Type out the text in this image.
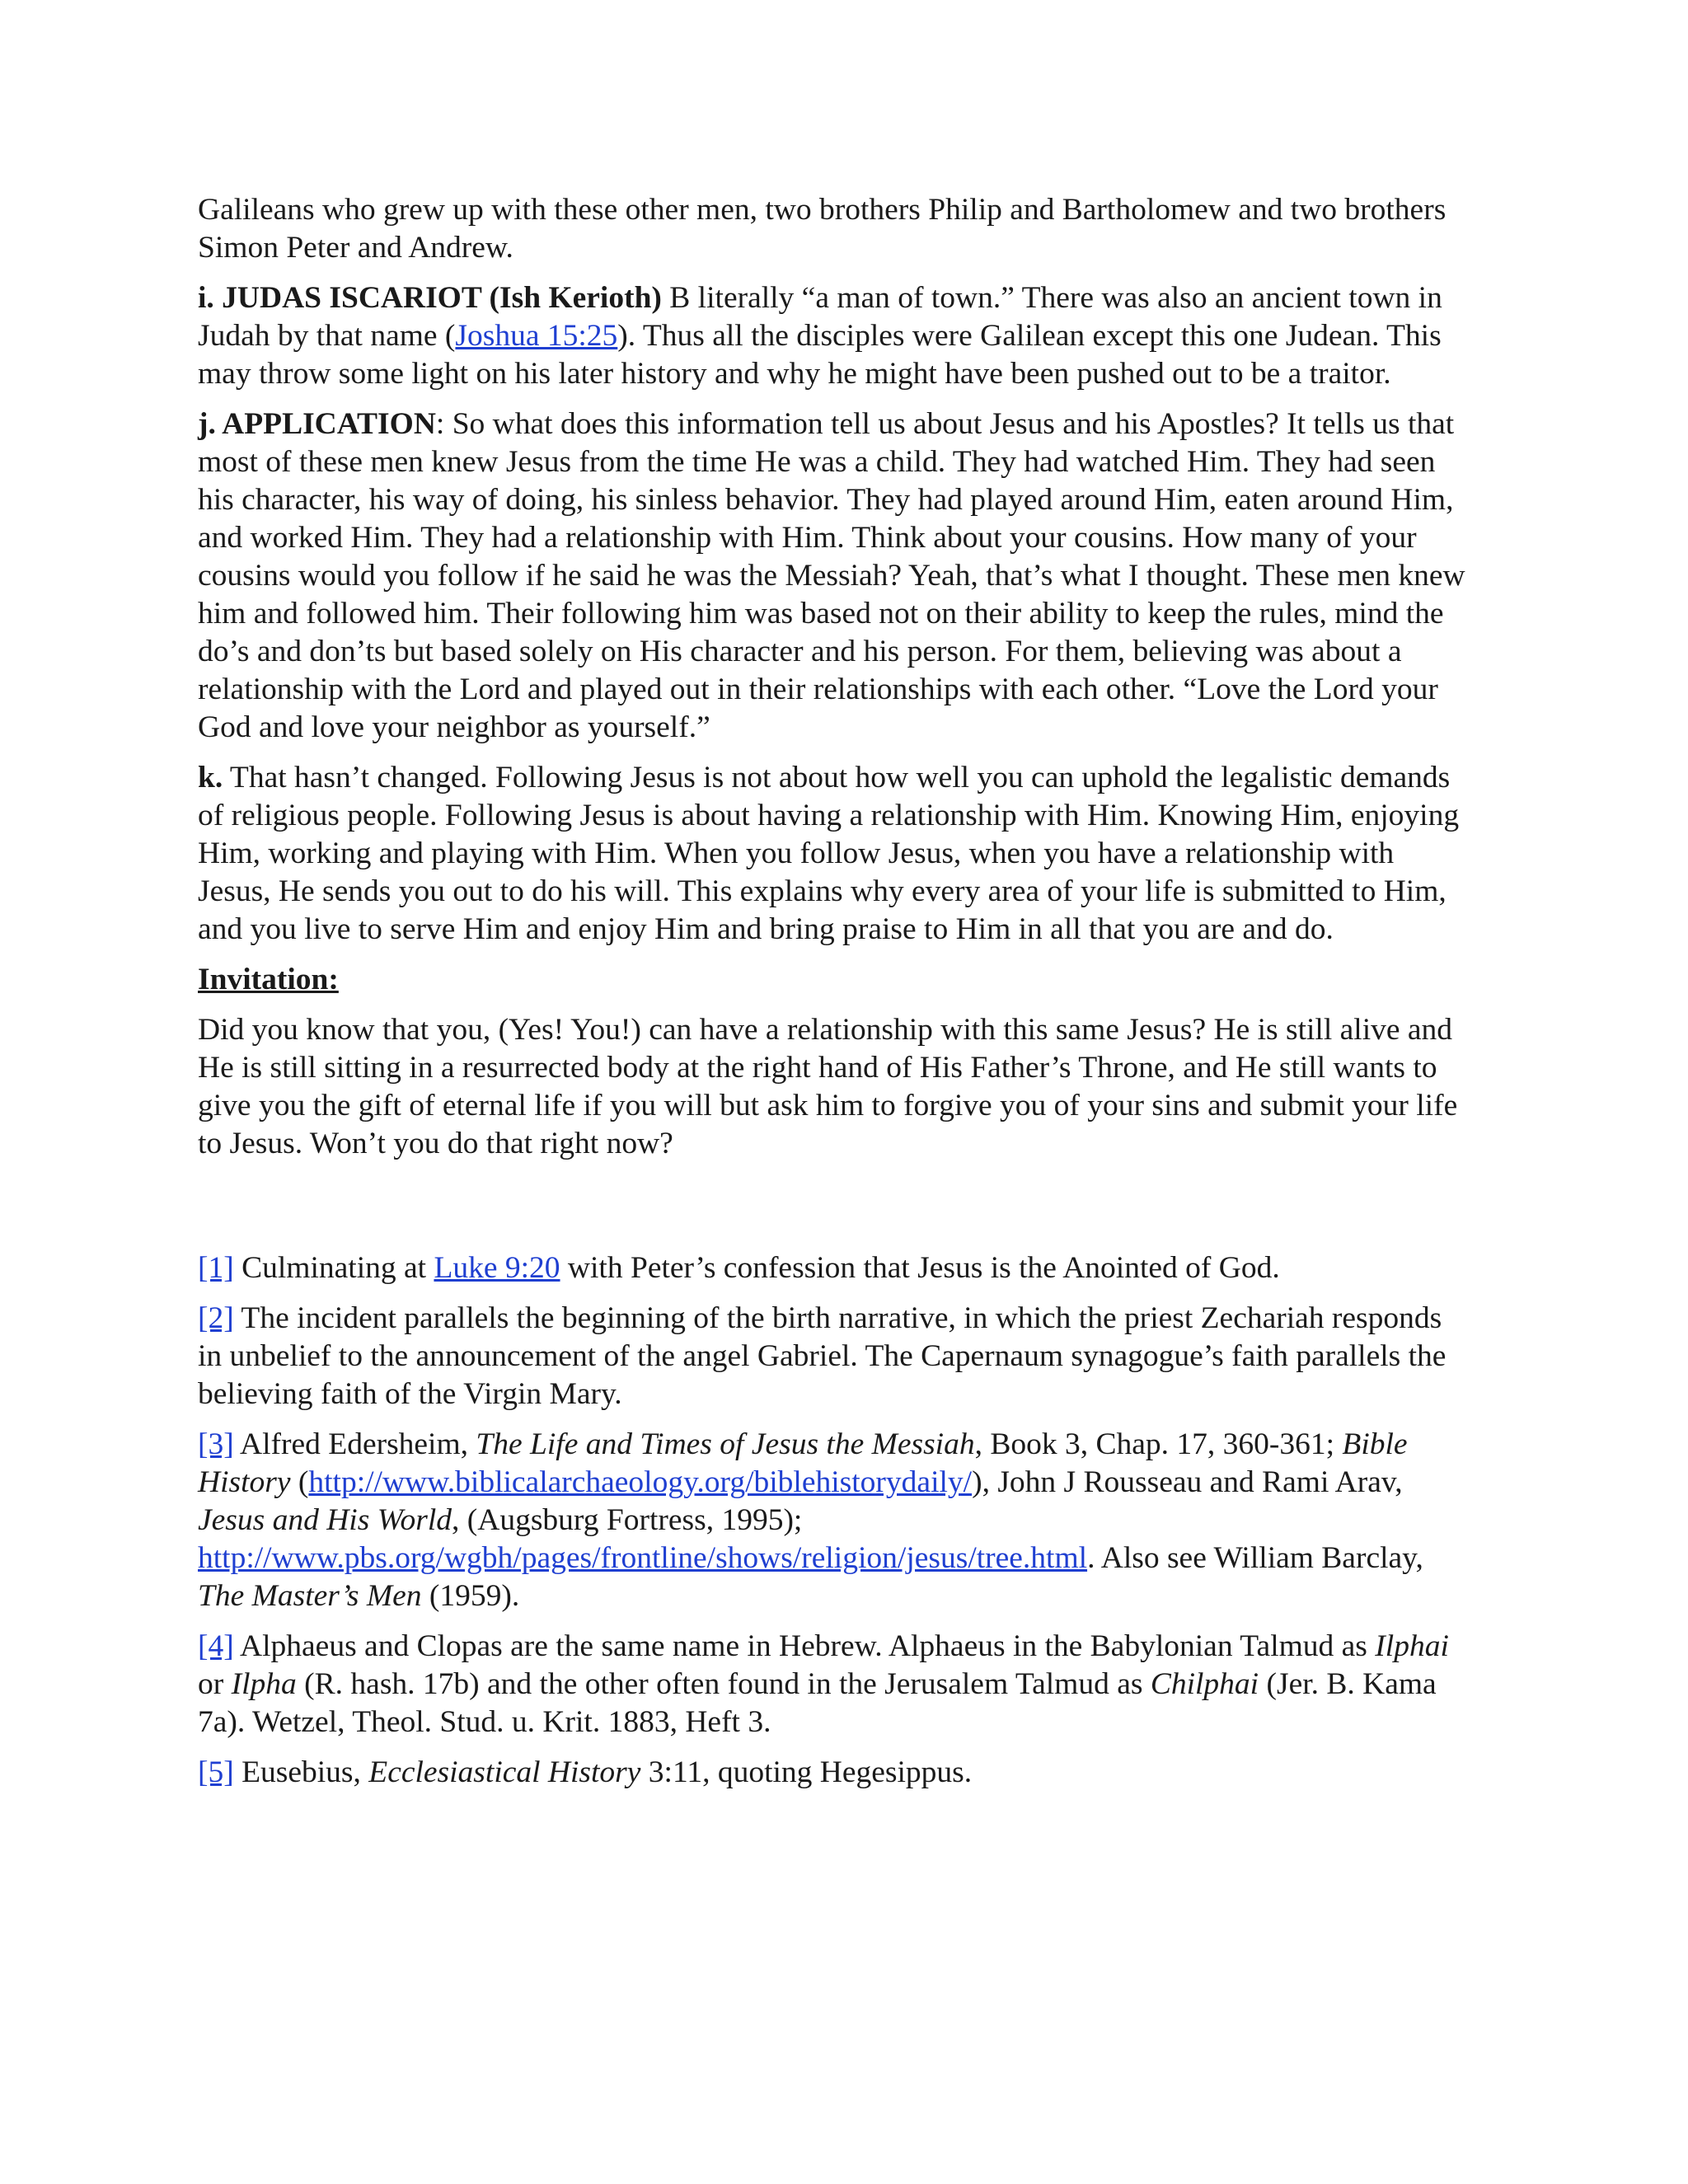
Galileans who grew up with these other men, two brothers Philip and Bartholomew and two brothers Simon Peter and Andrew.

i. JUDAS ISCARIOT (Ish Kerioth) B literally “a man of town.” There was also an ancient town in Judah by that name (Joshua 15:25). Thus all the disciples were Galilean except this one Judean. This may throw some light on his later history and why he might have been pushed out to be a traitor.

j. APPLICATION: So what does this information tell us about Jesus and his Apostles? It tells us that most of these men knew Jesus from the time He was a child. They had watched Him. They had seen his character, his way of doing, his sinless behavior. They had played around Him, eaten around Him, and worked Him. They had a relationship with Him. Think about your cousins. How many of your cousins would you follow if he said he was the Messiah? Yeah, that’s what I thought. These men knew him and followed him. Their following him was based not on their ability to keep the rules, mind the do’s and don’ts but based solely on His character and his person. For them, believing was about a relationship with the Lord and played out in their relationships with each other. “Love the Lord your God and love your neighbor as yourself.”

k. That hasn’t changed. Following Jesus is not about how well you can uphold the legalistic demands of religious people. Following Jesus is about having a relationship with Him. Knowing Him, enjoying Him, working and playing with Him. When you follow Jesus, when you have a relationship with Jesus, He sends you out to do his will. This explains why every area of your life is submitted to Him, and you live to serve Him and enjoy Him and bring praise to Him in all that you are and do.

Invitation:

Did you know that you, (Yes! You!) can have a relationship with this same Jesus? He is still alive and He is still sitting in a resurrected body at the right hand of His Father’s Throne, and He still wants to give you the gift of eternal life if you will but ask him to forgive you of your sins and submit your life to Jesus. Won’t you do that right now?

[1] Culminating at Luke 9:20 with Peter’s confession that Jesus is the Anointed of God.

[2] The incident parallels the beginning of the birth narrative, in which the priest Zechariah responds in unbelief to the announcement of the angel Gabriel. The Capernaum synagogue’s faith parallels the believing faith of the Virgin Mary.

[3] Alfred Edersheim, The Life and Times of Jesus the Messiah, Book 3, Chap. 17, 360-361; Bible History (http://www.biblicalarchaeology.org/biblehistorydaily/), John J Rousseau and Rami Arav, Jesus and His World, (Augsburg Fortress, 1995); http://www.pbs.org/wgbh/pages/frontline/shows/religion/jesus/tree.html. Also see William Barclay, The Master’s Men (1959).

[4] Alphaeus and Clopas are the same name in Hebrew. Alphaeus in the Babylonian Talmud as Ilphai or Ilpha (R. hash. 17b) and the other often found in the Jerusalem Talmud as Chilphai (Jer. B. Kama 7a). Wetzel, Theol. Stud. u. Krit. 1883, Heft 3.

[5] Eusebius, Ecclesiastical History 3:11, quoting Hegesippus.
